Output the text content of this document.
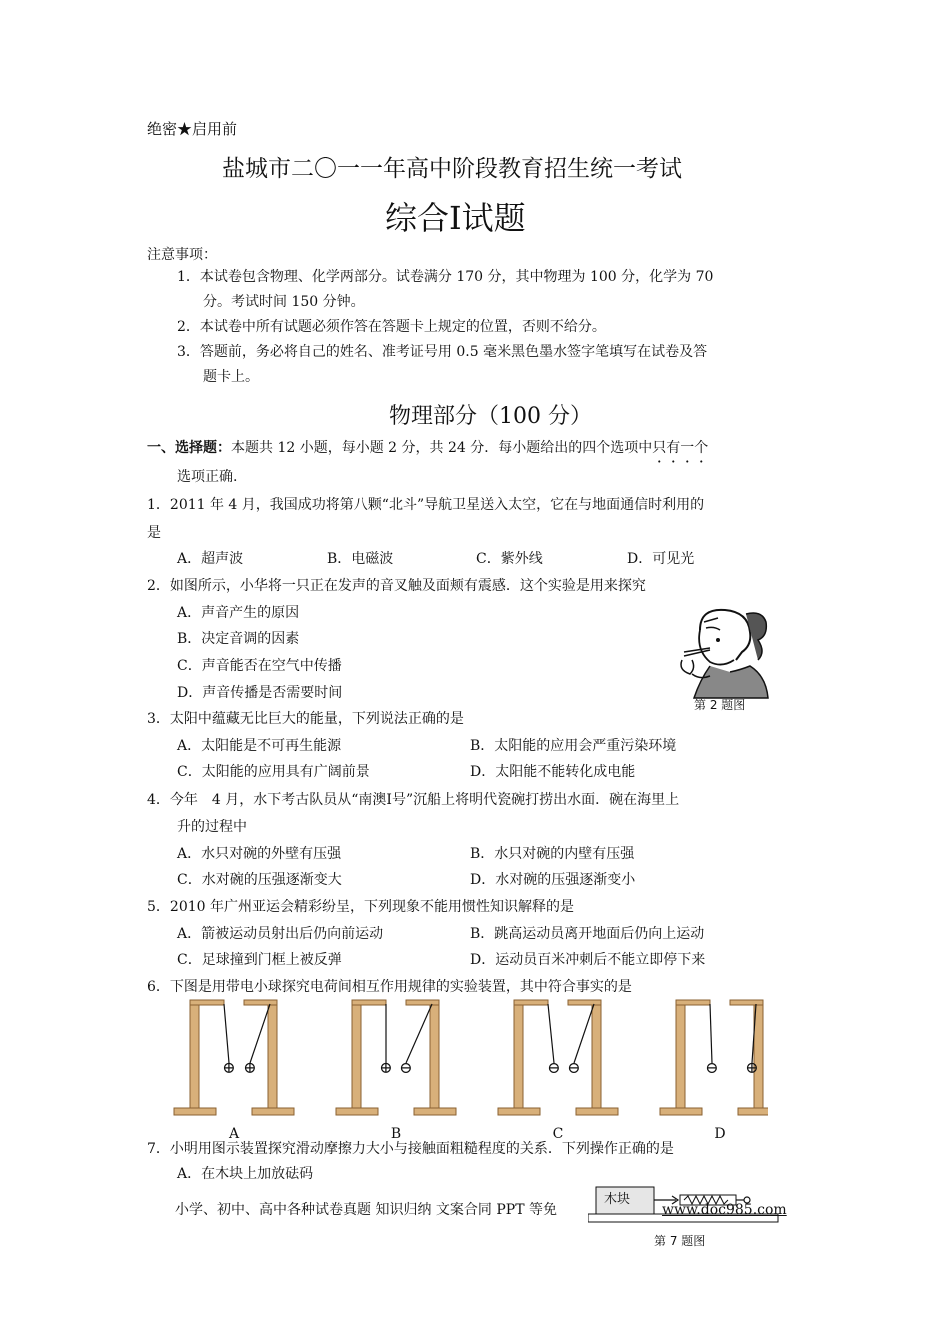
绝密★启用前
盐城市二〇一一年高中阶段教育招生统一考试
综合Ⅰ试题
注意事项：
1．本试卷包含物理、化学两部分。试卷满分 170 分，其中物理为 100 分，化学为 70
分。考试时间 150 分钟。
2．本试卷中所有试题必须作答在答题卡上规定的位置，否则不给分。
3．答题前，务必将自己的姓名、准考证号用 0.5 毫米黑色墨水签字笔填写在试卷及答
题卡上。
物理部分（100 分）
一、选择题：本题共 12 小题，每小题 2 分，共 24 分．每小题给出的四个选项中只有一个
选项正确.
1．2011 年 4 月，我国成功将第八颗“北斗”导航卫星送入太空，它在与地面通信时利用的
是
A．超声波	B．电磁波	C．紫外线	D．可见光
2．如图所示，小华将一只正在发声的音叉触及面颊有震感．这个实验是用来探究
A．声音产生的原因
B．决定音调的因素
C．声音能否在空气中传播
D．声音传播是否需要时间
第 2 题图
3．太阳中蕴藏无比巨大的能量，下列说法正确的是
A．太阳能是不可再生能源	B．太阳能的应用会严重污染环境
C．太阳能的应用具有广阔前景	D．太阳能不能转化成电能
4．今年　4 月，水下考古队员从“南澳Ⅰ号”沉船上将明代瓷碗打捞出水面．碗在海里上
升的过程中
A．水只对碗的外壁有压强	B．水只对碗的内壁有压强
C．水对碗的压强逐渐变大	D．水对碗的压强逐渐变小
5．2010 年广州亚运会精彩纷呈，下列现象不能用惯性知识解释的是
A．箭被运动员射出后仍向前运动	B．跳高运动员离开地面后仍向上运动
C．足球撞到门框上被反弹	D．运动员百米冲刺后不能立即停下来
6．下图是用带电小球探究电荷间相互作用规律的实验装置，其中符合事实的是
⊕ ⊕
A
⊕ ⊖
B
⊖ ⊖
C
⊖ ⊕
D
7．小明用图示装置探究滑动摩擦力大小与接触面粗糙程度的关系．下列操作正确的是
A．在木块上加放砝码
小学、初中、高中各种试卷真题 知识归纳 文案合同 PPT 等免
木块
www.doc985.com
第 7 题图
